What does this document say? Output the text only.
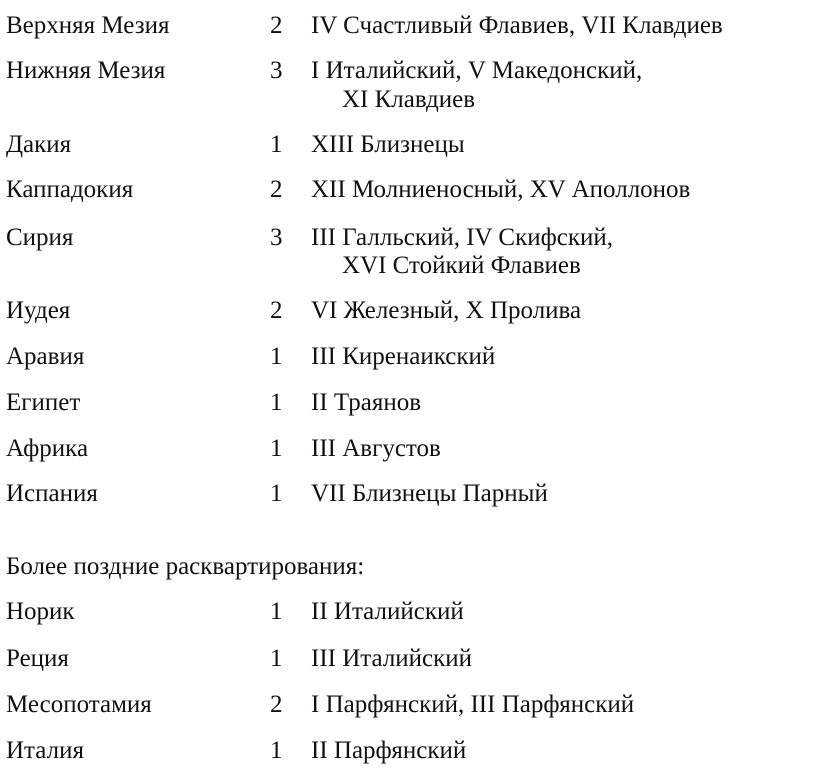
Верхняя Мезия	2 IV Счастливый Флавиев, VII Клавдиев
Нижняя Мезия	3 I Италийский, V Македонский,
XI Клавдиев
Дакия	1 XIII Близнецы
Каппадокия	2 XII Молниеносный, XV Аполлонов
Сирия	3 III Галльский, IV Скифский,
XVI Стойкий Флавиев
Иудея	2 VI Железный, X Пролива
Аравия	1 III Киренаикский
Египет	1 II Траянов
Африка	1 III Августов
Испания	1 VII Близнецы Парный
Более поздние расквартирования:
Норик	1 II Италийский
Реция	1 III Италийский
Месопотамия	2 I Парфянский, III Парфянский
Италия	1 II Парфянский
